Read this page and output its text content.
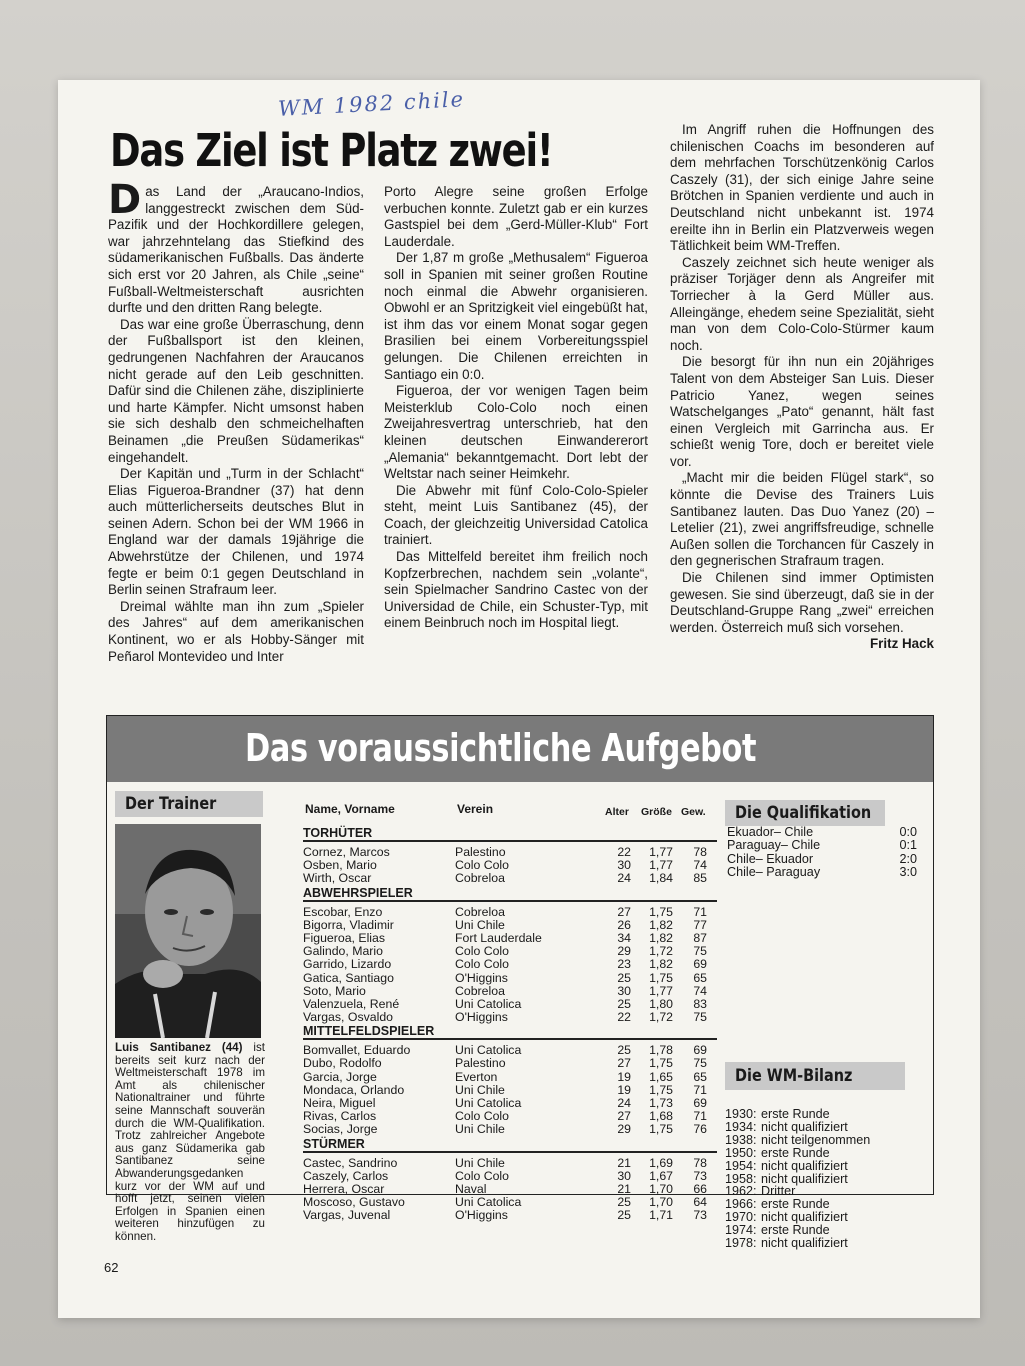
WM 1982 chile
Das Ziel ist Platz zwei!

Das Land der „Araucano-Indios, langgestreckt zwischen dem Süd-Pazifik und der Hochkordillere gelegen, war jahrzehntelang das Stiefkind des südamerikanischen Fußballs. Das änderte sich erst vor 20 Jahren, als Chile „seine“ Fußball-Weltmeisterschaft ausrichten durfte und den dritten Rang belegte.

Das war eine große Überraschung, denn der Fußballsport ist den kleinen, gedrungenen Nachfahren der Araucanos nicht gerade auf den Leib geschnitten. Dafür sind die Chilenen zähe, disziplinierte und harte Kämpfer. Nicht umsonst haben sie sich deshalb den schmeichelhaften Beinamen „die Preußen Südamerikas“ eingehandelt.

Der Kapitän und „Turm in der Schlacht“ Elias Figueroa-Brandner (37) hat denn auch mütterlicherseits deutsches Blut in seinen Adern. Schon bei der WM 1966 in England war der damals 19jährige die Abwehrstütze der Chilenen, und 1974 fegte er beim 0:1 gegen Deutschland in Berlin seinen Strafraum leer.

Dreimal wählte man ihn zum „Spieler des Jahres“ auf dem amerikanischen Kontinent, wo er als Hobby-Sänger mit Peñarol Montevideo und Inter

Porto Alegre seine großen Erfolge verbuchen konnte. Zuletzt gab er ein kurzes Gastspiel bei dem „Gerd-Müller-Klub“ Fort Lauderdale.

Der 1,87 m große „Methusalem“ Figueroa soll in Spanien mit seiner großen Routine noch einmal die Abwehr organisieren. Obwohl er an Spritzigkeit viel eingebüßt hat, ist ihm das vor einem Monat sogar gegen Brasilien bei einem Vorbereitungsspiel gelungen. Die Chilenen erreichten in Santiago ein 0:0.

Figueroa, der vor wenigen Tagen beim Meisterklub Colo-Colo noch einen Zweijahresvertrag unterschrieb, hat den kleinen deutschen Einwandererort „Alemania“ bekanntgemacht. Dort lebt der Weltstar nach seiner Heimkehr.

Die Abwehr mit fünf Colo-Colo-Spieler steht, meint Luis Santibanez (45), der Coach, der gleichzeitig Universidad Catolica trainiert.

Das Mittelfeld bereitet ihm freilich noch Kopfzerbrechen, nachdem sein „volante“, sein Spielmacher Sandrino Castec von der Universidad de Chile, ein Schuster-Typ, mit einem Beinbruch noch im Hospital liegt.

Im Angriff ruhen die Hoffnungen des chilenischen Coachs im besonderen auf dem mehrfachen Torschützenkönig Carlos Caszely (31), der sich einige Jahre seine Brötchen in Spanien verdiente und auch in Deutschland nicht unbekannt ist. 1974 ereilte ihn in Berlin ein Platzverweis wegen Tätlichkeit beim WM-Treffen.

Caszely zeichnet sich heute weniger als präziser Torjäger denn als Angreifer mit Torriecher à la Gerd Müller aus. Alleingänge, ehedem seine Spezialität, sieht man von dem Colo-Colo-Stürmer kaum noch.

Die besorgt für ihn nun ein 20jähriges Talent von dem Absteiger San Luis. Dieser Patricio Yanez, wegen seines Watschelganges „Pato“ genannt, hält fast einen Vergleich mit Garrincha aus. Er schießt wenig Tore, doch er bereitet viele vor.

„Macht mir die beiden Flügel stark“, so könnte die Devise des Trainers Luis Santibanez lauten. Das Duo Yanez (20) – Letelier (21), zwei angriffsfreudige, schnelle Außen sollen die Torchancen für Caszely in den gegnerischen Strafraum tragen.

Die Chilenen sind immer Optimisten gewesen. Sie sind überzeugt, daß sie in der Deutschland-Gruppe Rang „zwei“ erreichen werden. Österreich muß sich vorsehen.

Fritz Hack
Das voraussichtliche Aufgebot
Der Trainer
Luis Santibanez (44) ist bereits seit kurz nach der Weltmeisterschaft 1978 im Amt als chilenischer Nationaltrainer und führte seine Mannschaft souverän durch die WM-Qualifikation. Trotz zahlreicher Angebote aus ganz Südamerika gab Santibanez seine Abwanderungsgedanken kurz vor der WM auf und hofft jetzt, seinen vielen Erfolgen in Spanien einen weiteren hinzufügen zu können.
Name, Vorname	Verein	Alter Größe Gew.
TORHÜTER
Cornez, Marcos	Palestino	22	1,77	78
Osben, Mario	Colo Colo	30	1,77	74
Wirth, Oscar	Cobreloa	24	1,84	85
ABWEHRSPIELER
Escobar, Enzo	Cobreloa	27	1,75	71
Bigorra, Vladimir	Uni Chile	26	1,82	77
Figueroa, Elias	Fort Lauderdale	34	1,82	87
Galindo, Mario	Colo Colo	29	1,72	75
Garrido, Lizardo	Colo Colo	23	1,82	69
Gatica, Santiago	O'Higgins	25	1,75	65
Soto, Mario	Cobreloa	30	1,77	74
Valenzuela, René	Uni Catolica	25	1,80	83
Vargas, Osvaldo	O'Higgins	22	1,72	75
MITTELFELDSPIELER
Bomvallet, Eduardo	Uni Catolica	25	1,78	69
Dubo, Rodolfo	Palestino	27	1,75	75
Garcia, Jorge	Everton	19	1,65	65
Mondaca, Orlando	Uni Chile	19	1,75	71
Neira, Miguel	Uni Catolica	24	1,73	69
Rivas, Carlos	Colo Colo	27	1,68	71
Socias, Jorge	Uni Chile	29	1,75	76
STÜRMER
Castec, Sandrino	Uni Chile	21	1,69	78
Caszely, Carlos	Colo Colo	30	1,67	73
Herrera, Oscar	Naval	21	1,70	66
Moscoso, Gustavo	Uni Catolica	25	1,70	64
Vargas, Juvenal	O'Higgins	25	1,71	73
Die Qualifikation
Ekuador– Chile	0:0
Paraguay– Chile	0:1
Chile– Ekuador	2:0
Chile– Paraguay	3:0
Die WM-Bilanz
1930: erste Runde
1934: nicht qualifiziert
1938: nicht teilgenommen
1950: erste Runde
1954: nicht qualifiziert
1958: nicht qualifiziert
1962: Dritter
1966: erste Runde
1970: nicht qualifiziert
1974: erste Runde
1978: nicht qualifiziert
62
